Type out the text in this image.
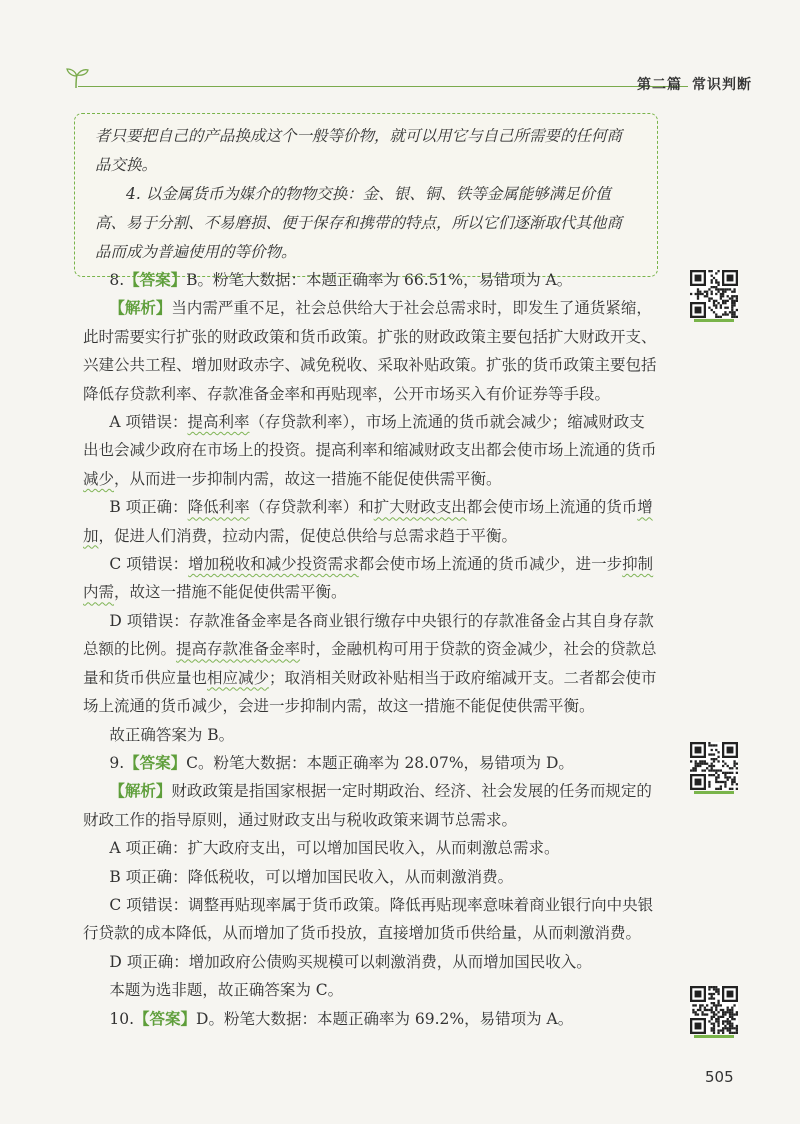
第二篇 常识判断

者只要把自己的产品换成这个一般等价物，就可以用它与自己所需要的任何商品交换。

4. 以金属货币为媒介的物物交换：金、银、铜、铁等金属能够满足价值高、易于分割、不易磨损、便于保存和携带的特点，所以它们逐渐取代其他商品而成为普遍使用的等价物。

8.【答案】B。粉笔大数据：本题正确率为 66.51%，易错项为 A。

【解析】当内需严重不足，社会总供给大于社会总需求时，即发生了通货紧缩，此时需要实行扩张的财政政策和货币政策。扩张的财政政策主要包括扩大财政开支、兴建公共工程、增加财政赤字、减免税收、采取补贴政策。扩张的货币政策主要包括降低存贷款利率、存款准备金率和再贴现率，公开市场买入有价证券等手段。

A 项错误：提高利率（存贷款利率），市场上流通的货币就会减少；缩减财政支出也会减少政府在市场上的投资。提高利率和缩减财政支出都会使市场上流通的货币减少，从而进一步抑制内需，故这一措施不能促使供需平衡。

B 项正确：降低利率（存贷款利率）和扩大财政支出都会使市场上流通的货币增加，促进人们消费，拉动内需，促使总供给与总需求趋于平衡。

C 项错误：增加税收和减少投资需求都会使市场上流通的货币减少，进一步抑制内需，故这一措施不能促使供需平衡。

D 项错误：存款准备金率是各商业银行缴存中央银行的存款准备金占其自身存款总额的比例。提高存款准备金率时，金融机构可用于贷款的资金减少，社会的贷款总量和货币供应量也相应减少；取消相关财政补贴相当于政府缩减开支。二者都会使市场上流通的货币减少，会进一步抑制内需，故这一措施不能促使供需平衡。

故正确答案为 B。

9.【答案】C。粉笔大数据：本题正确率为 28.07%，易错项为 D。

【解析】财政政策是指国家根据一定时期政治、经济、社会发展的任务而规定的财政工作的指导原则，通过财政支出与税收政策来调节总需求。

A 项正确：扩大政府支出，可以增加国民收入，从而刺激总需求。

B 项正确：降低税收，可以增加国民收入，从而刺激消费。

C 项错误：调整再贴现率属于货币政策。降低再贴现率意味着商业银行向中央银行贷款的成本降低，从而增加了货币投放，直接增加货币供给量，从而刺激消费。

D 项正确：增加政府公债购买规模可以刺激消费，从而增加国民收入。

本题为选非题，故正确答案为 C。

10.【答案】D。粉笔大数据：本题正确率为 69.2%，易错项为 A。

505
